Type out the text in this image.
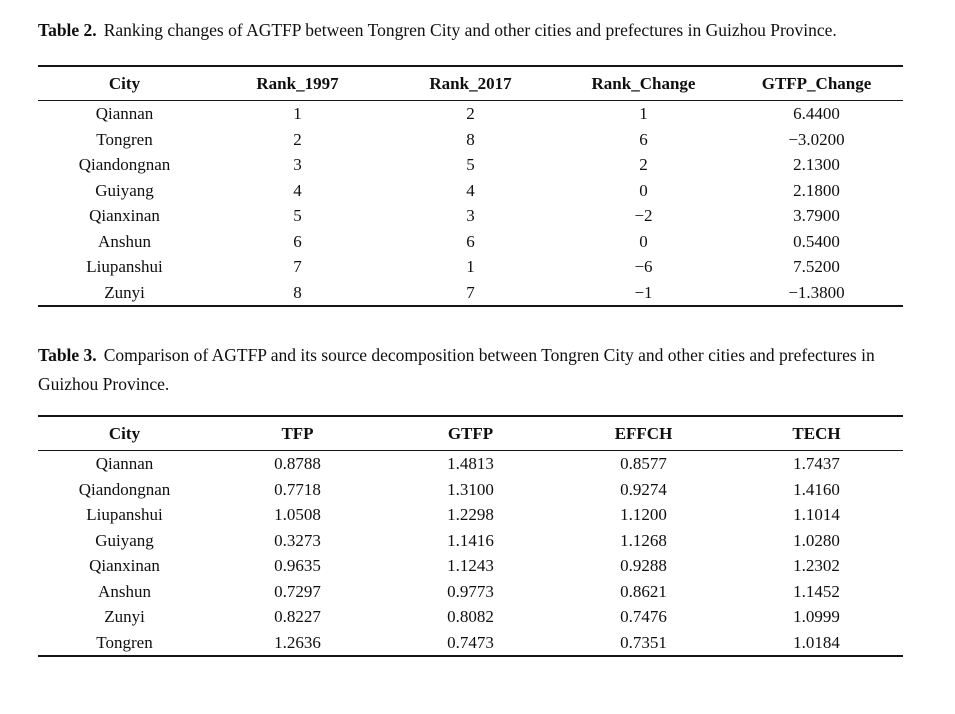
Table 2. Ranking changes of AGTFP between Tongren City and other cities and prefectures in Guizhou Province.

City	Rank_1997	Rank_2017	Rank_Change	GTFP_Change
Qiannan	1	2	1	6.4400
Tongren	2	8	6	−3.0200
Qiandongnan	3	5	2	2.1300
Guiyang	4	4	0	2.1800
Qianxinan	5	3	−2	3.7900
Anshun	6	6	0	0.5400
Liupanshui	7	1	−6	7.5200
Zunyi	8	7	−1	−1.3800

Table 3. Comparison of AGTFP and its source decomposition between Tongren City and other cities and prefectures in Guizhou Province.

City	TFP	GTFP	EFFCH	TECH
Qiannan	0.8788	1.4813	0.8577	1.7437
Qiandongnan	0.7718	1.3100	0.9274	1.4160
Liupanshui	1.0508	1.2298	1.1200	1.1014
Guiyang	0.3273	1.1416	1.1268	1.0280
Qianxinan	0.9635	1.1243	0.9288	1.2302
Anshun	0.7297	0.9773	0.8621	1.1452
Zunyi	0.8227	0.8082	0.7476	1.0999
Tongren	1.2636	0.7473	0.7351	1.0184
